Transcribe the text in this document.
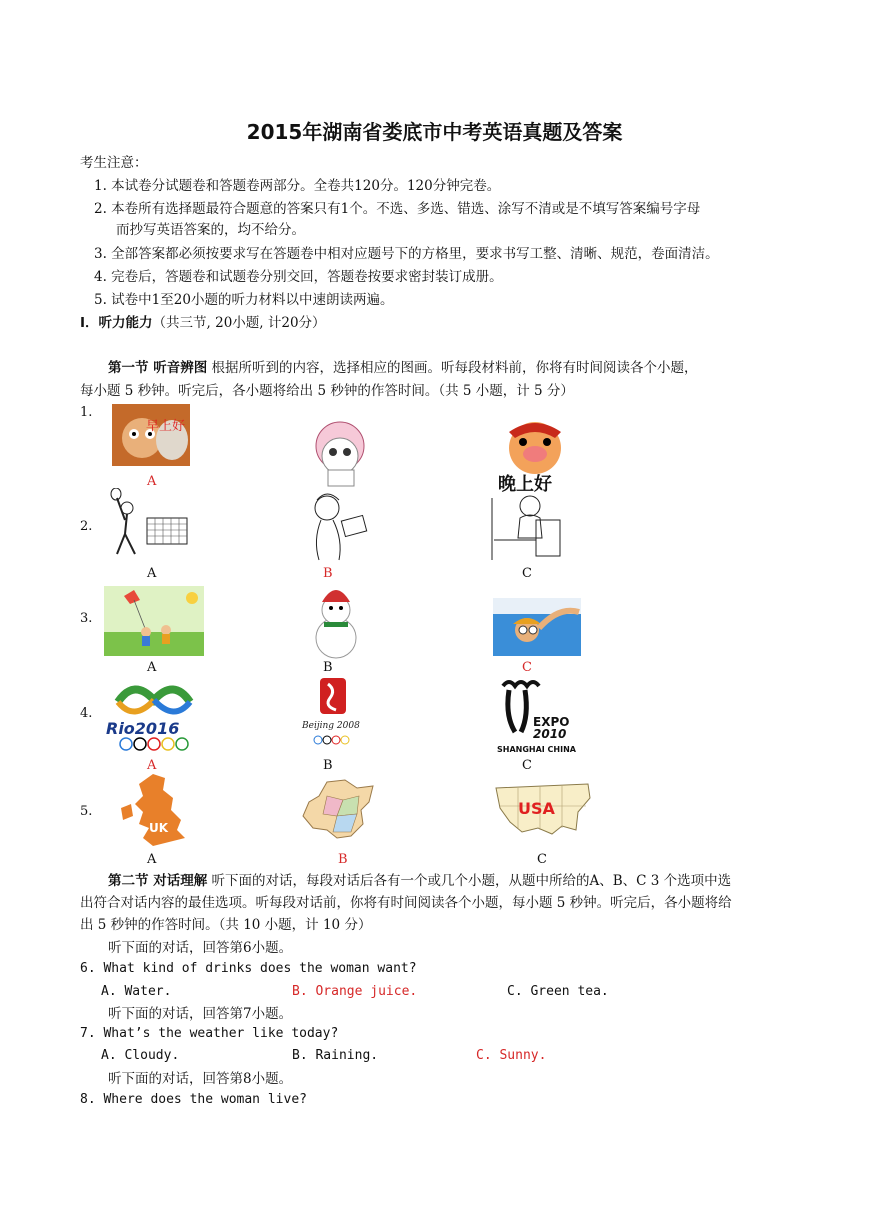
2015年湖南省娄底市中考英语真题及答案
考生注意：
1. 本试卷分试题卷和答题卷两部分。全卷共120分。120分钟完卷。
2. 本卷所有选择题最符合题意的答案只有1个。不选、多选、错选、涂写不清或是不填写答案编号字母
而抄写英语答案的，均不给分。
3. 全部答案都必须按要求写在答题卷中相对应题号下的方格里，要求书写工整、清晰、规范，卷面清洁。
4. 完卷后，答题卷和试题卷分别交回，答题卷按要求密封装订成册。
5. 试卷中1至20小题的听力材料以中速朗读两遍。
I．听力能力（共三节, 20小题, 计20分）
第一节 听音辨图 根据所听到的内容，选择相应的图画。听每段材料前，你将有时间阅读各个小题，
每小题 5 秒钟。听完后，各小题将给出 5 秒钟的作答时间。（共 5 小题，计 5 分）
1.
早上好
A	晚上好
2.
A	B	C
3.
A	B	C
4.
Rio2016
A
Beijing 2008
B
EXPO
2010
SHANGHAI CHINA
C
5.
UK
A	B
USA
C
第二节 对话理解 听下面的对话，每段对话后各有一个或几个小题，从题中所给的A、B、C 3 个选项中选
出符合对话内容的最佳选项。听每段对话前，你将有时间阅读各个小题，每小题 5 秒钟。听完后，各小题将给
出 5 秒钟的作答时间。（共 10 小题，计 10 分）
听下面的对话，回答第6小题。
6. What kind of drinks does the woman want?
A. Water.	B. Orange juice.	C. Green tea.
听下面的对话，回答第7小题。
7. What’s the weather like today?
A. Cloudy.	B. Raining.	C. Sunny.
听下面的对话，回答第8小题。
8. Where does the woman live?
